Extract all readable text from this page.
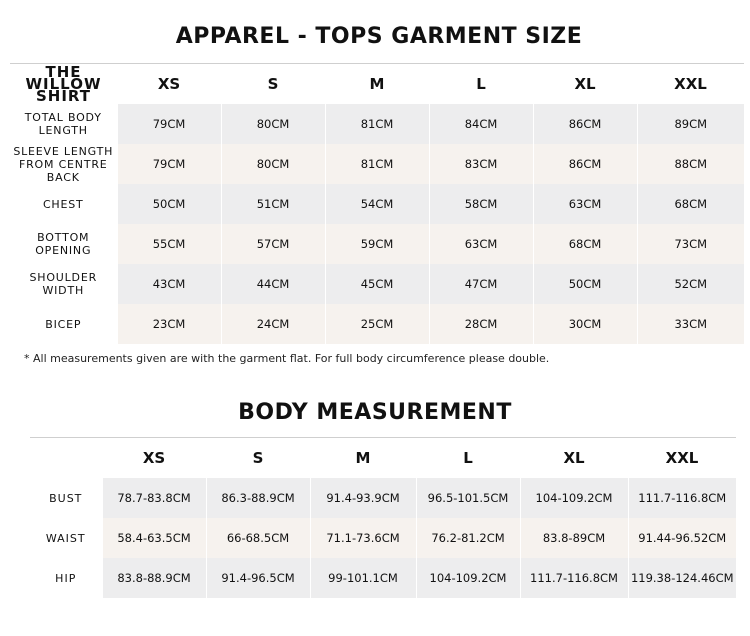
APPAREL - TOPS GARMENT SIZE
THE WILLOW SHIRT	XS	S	M	L	XL	XXL
TOTAL BODY LENGTH	79CM	80CM	81CM	84CM	86CM	89CM
SLEEVE LENGTH FROM CENTRE BACK	79CM	80CM	81CM	83CM	86CM	88CM
CHEST	50CM	51CM	54CM	58CM	63CM	68CM
BOTTOM OPENING	55CM	57CM	59CM	63CM	68CM	73CM
SHOULDER WIDTH	43CM	44CM	45CM	47CM	50CM	52CM
BICEP	23CM	24CM	25CM	28CM	30CM	33CM

* All measurements given are with the garment flat. For full body circumference please double.

BODY MEASUREMENT
	XS	S	M	L	XL	XXL
BUST	78.7-83.8CM	86.3-88.9CM	91.4-93.9CM	96.5-101.5CM	104-109.2CM	111.7-116.8CM
WAIST	58.4-63.5CM	66-68.5CM	71.1-73.6CM	76.2-81.2CM	83.8-89CM	91.44-96.52CM
HIP	83.8-88.9CM	91.4-96.5CM	99-101.1CM	104-109.2CM	111.7-116.8CM	119.38-124.46CM
